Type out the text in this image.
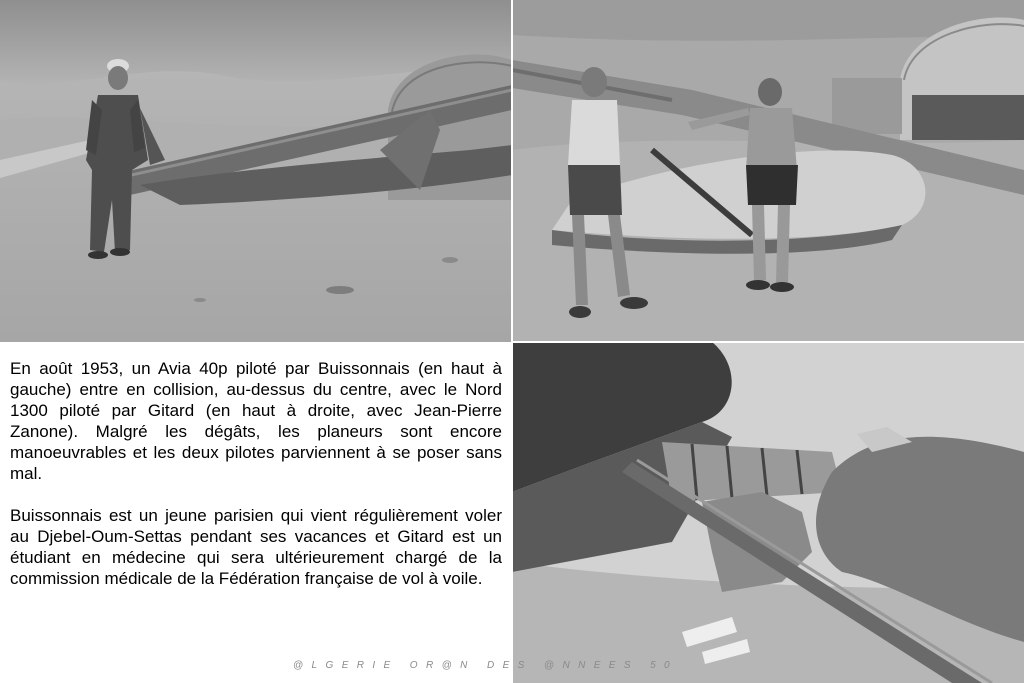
En août 1953, un Avia 40p piloté par Buissonnais (en haut à gauche) entre en collision, au-dessus du centre, avec le Nord 1300 piloté par Gitard (en haut à droite, avec Jean-Pierre Zanone). Malgré les dégâts, les planeurs sont encore manoeuvrables et les deux pilotes parviennent à se poser sans mal.

Buissonnais est un jeune parisien qui vient régulièrement voler au Djebel-Oum-Settas pendant ses vacances et Gitard est un étudiant en médecine qui sera ultérieurement chargé de la commission médicale de la Fédération française de vol à voile.

@LGERIE OR@N DES @NNEES 50
